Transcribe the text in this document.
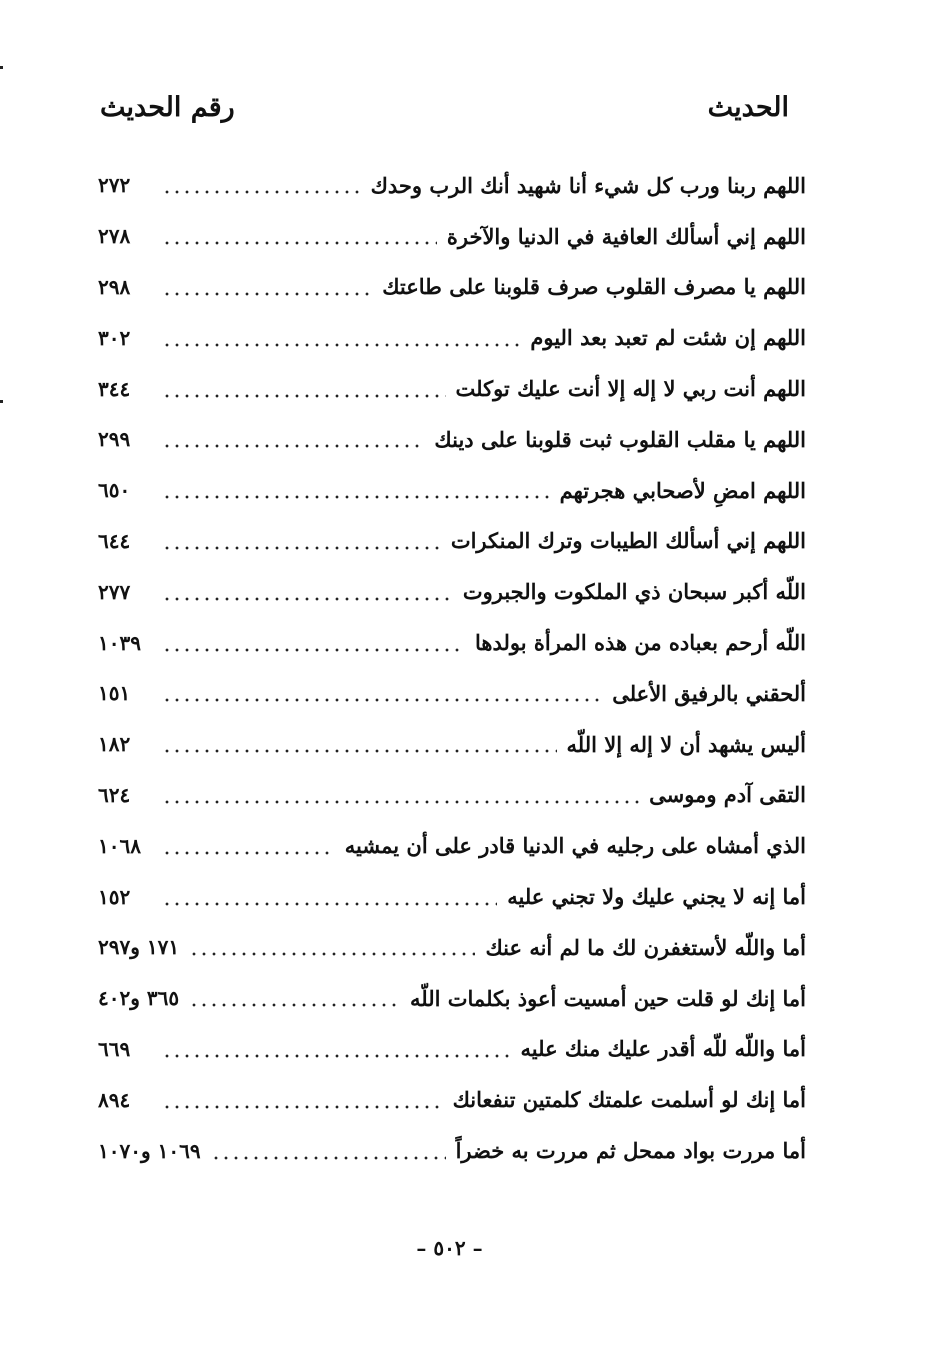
الحديث
رقم الحديث
اللهم ربنا ورب كل شيء أنا شهيد أنك الرب وحدك
٢٧٢
اللهم إني أسألك العافية في الدنيا والآخرة
٢٧٨
اللهم يا مصرف القلوب صرف قلوبنا على طاعتك
٢٩٨
اللهم إن شئت لم تعبد بعد اليوم
٣٠٢
اللهم أنت ربي لا إله إلا أنت عليك توكلت
٣٤٤
اللهم يا مقلب القلوب ثبت قلوبنا على دينك
٢٩٩
اللهم امضِ لأصحابي هجرتهم
٦٥٠
اللهم إني أسألك الطيبات وترك المنكرات
٦٤٤
اللّه أكبر سبحان ذي الملكوت والجبروت
٢٧٧
اللّه أرحم بعباده من هذه المرأة بولدها
١٠٣٩
ألحقني بالرفيق الأعلى
١٥١
أليس يشهد أن لا إله إلا اللّه
١٨٢
التقى آدم وموسى
٦٢٤
الذي أمشاه على رجليه في الدنيا قادر على أن يمشيه
١٠٦٨
أما إنه لا يجني عليك ولا تجني عليه
١٥٢
أما واللّه لأستغفرن لك ما لم أنه عنك
١٧١ و٢٩٧
أما إنك لو قلت حين أمسيت أعوذ بكلمات اللّه
٣٦٥ و٤٠٢
أما واللّه للّه أقدر عليك منك عليه
٦٦٩
أما إنك لو أسلمت علمتك كلمتين تنفعانك
٨٩٤
أما مررت بواد ممحل ثم مررت به خضراً
١٠٦٩ و١٠٧٠
– ٥٠٢ –
